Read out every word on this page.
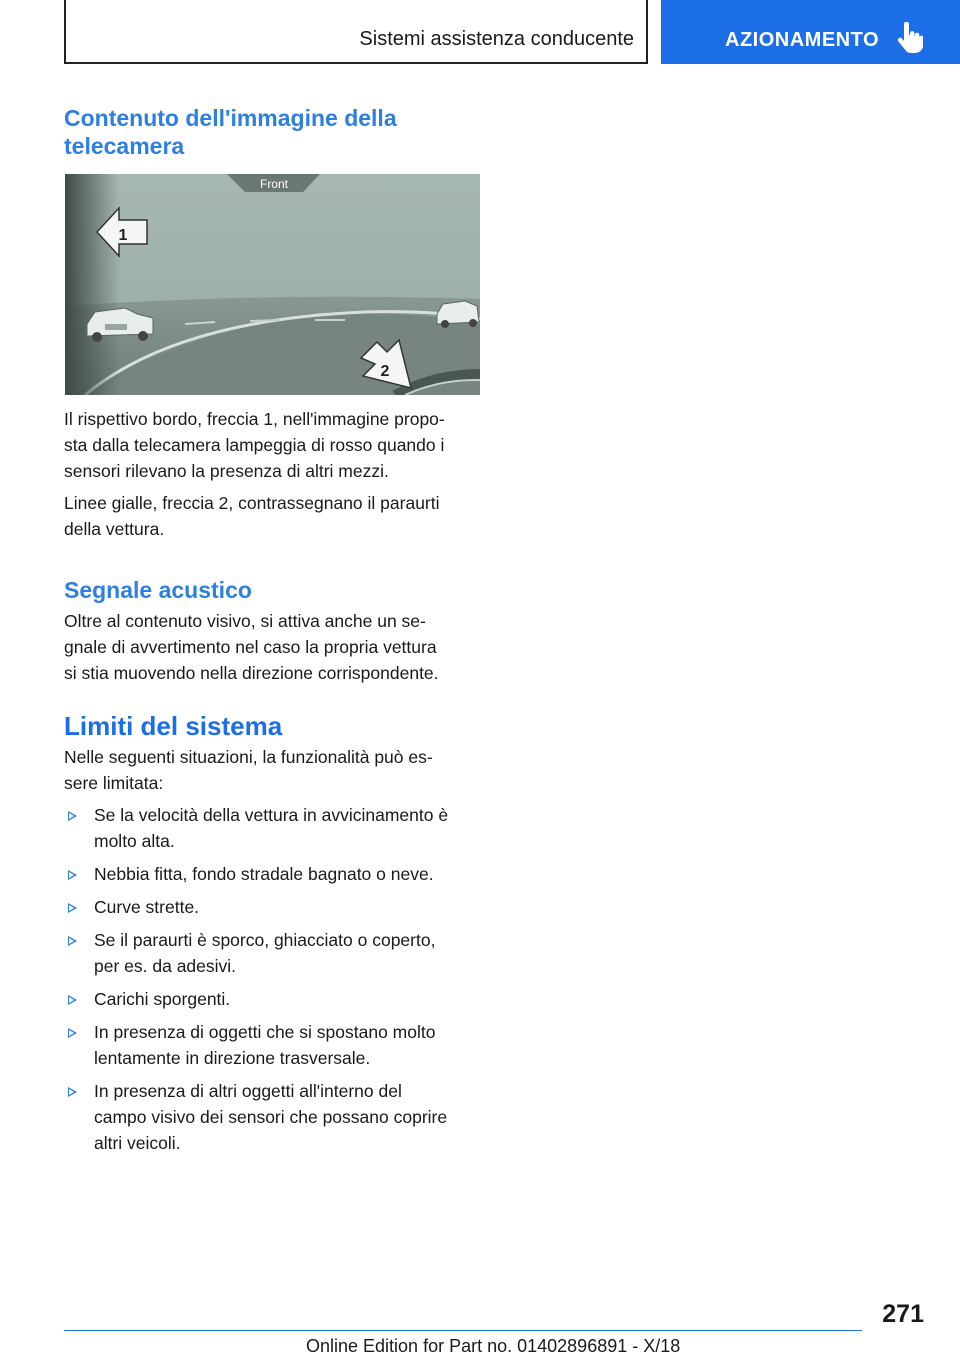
Sistemi assistenza conducente	AZIONAMENTO
Contenuto dell'immagine della
telecamera
Front
1
2
Il rispettivo bordo, freccia 1, nell'immagine propo-
sta dalla telecamera lampeggia di rosso quando i
sensori rilevano la presenza di altri mezzi.
Linee gialle, freccia 2, contrassegnano il paraurti
della vettura.
Segnale acustico
Oltre al contenuto visivo, si attiva anche un se-
gnale di avvertimento nel caso la propria vettura
si stia muovendo nella direzione corrispondente.
Limiti del sistema
Nelle seguenti situazioni, la funzionalità può es-
sere limitata:
Se la velocità della vettura in avvicinamento è
molto alta.
Nebbia fitta, fondo stradale bagnato o neve.
Curve strette.
Se il paraurti è sporco, ghiacciato o coperto,
per es. da adesivi.
Carichi sporgenti.
In presenza di oggetti che si spostano molto
lentamente in direzione trasversale.
In presenza di altri oggetti all'interno del
campo visivo dei sensori che possano coprire
altri veicoli.
271
Online Edition for Part no. 01402896891 - X/18
